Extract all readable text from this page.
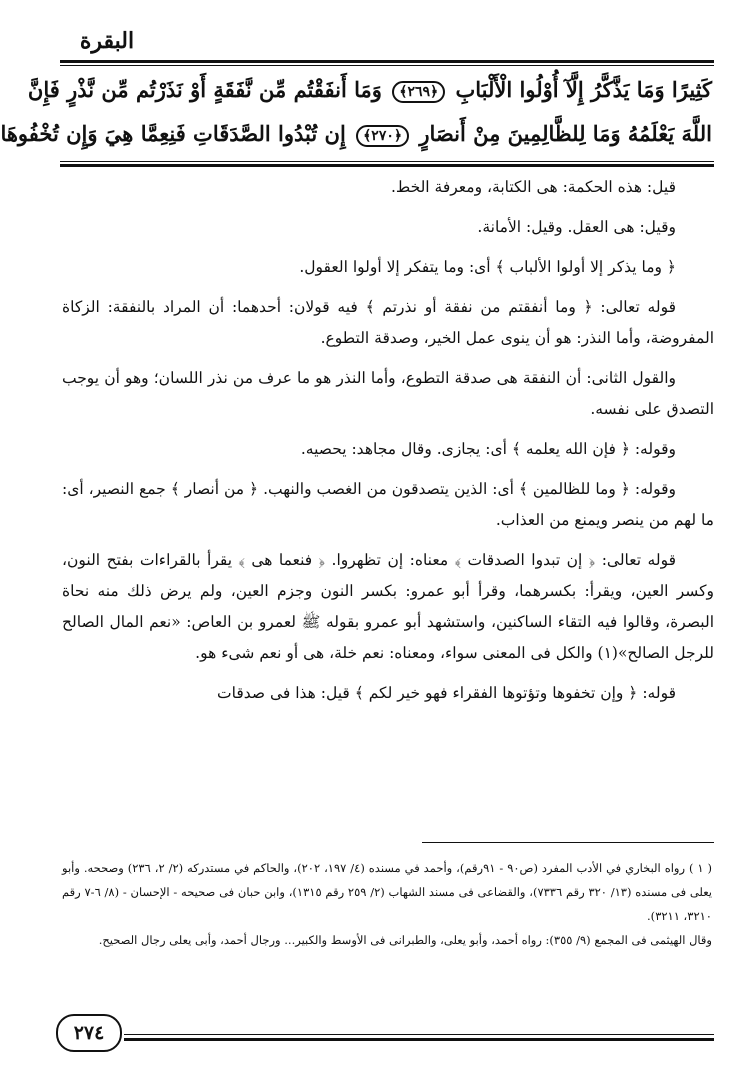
البقرة
كَثِيرًا وَمَا يَذَّكَّرُ إِلَّآ أُوْلُوا الْأَلْبَابِ ﴿٢٦٩﴾ وَمَا أَنفَقْتُم مِّن نَّفَقَةٍ أَوْ نَذَرْتُم مِّن نَّذْرٍ فَإِنَّ
اللَّهَ يَعْلَمُهُ وَمَا لِلظَّالِمِينَ مِنْ أَنصَارٍ ﴿٢٧٠﴾ إِن تُبْدُوا الصَّدَقَاتِ فَنِعِمَّا هِيَ وَإِن تُخْفُوهَا

قيل: هذه الحكمة: هى الكتابة، ومعرفة الخط.

وقيل: هى العقل. وقيل: الأمانة.

﴿ وما يذكر إلا أولوا الألباب ﴾ أى: وما يتفكر إلا أولوا العقول.

قوله تعالى: ﴿ وما أنفقتم من نفقة أو نذرتم ﴾ فيه قولان: أحدهما: أن المراد بالنفقة: الزكاة المفروضة، وأما النذر: هو أن ينوى عمل الخير، وصدقة التطوع.

والقول الثانى: أن النفقة هى صدقة التطوع، وأما النذر هو ما عرف من نذر اللسان؛ وهو أن يوجب التصدق على نفسه.

وقوله: ﴿ فإن الله يعلمه ﴾ أى: يجازى. وقال مجاهد: يحصيه.

وقوله: ﴿ وما للظالمين ﴾ أى: الذين يتصدقون من الغصب والنهب. ﴿ من أنصار ﴾ جمع النصير، أى: ما لهم من ينصر ويمنع من العذاب.

قوله تعالى: ﴿ إن تبدوا الصدقات ﴾ معناه: إن تظهروا. ﴿ فنعما هى ﴾ يقرأ بالقراءات بفتح النون، وكسر العين، ويقرأ: بكسرهما، وقرأ أبو عمرو: بكسر النون وجزم العين، ولم يرض ذلك منه نحاة البصرة، وقالوا فيه التقاء الساكنين، واستشهد أبو عمرو بقوله ﷺ لعمرو بن العاص: «نعم المال الصالح للرجل الصالح»(١) والكل فى المعنى سواء، ومعناه: نعم خلة، هى أو نعم شىء هو.

قوله: ﴿ وإن تخفوها وتؤتوها الفقراء فهو خير لكم ﴾ قيل: هذا فى صدقات

( ١ ) رواه البخاري في الأدب المفرد (ص٩٠ - ٩١رقم)، وأحمد في مسنده (٤/ ١٩٧، ٢٠٢)، والحاكم في مستدركه (٢/ ٢، ٢٣٦) وصححه. وأبو يعلى فى مسنده (١٣/ ٣٢٠ رقم ٧٣٣٦)، والقضاعى فى مسند الشهاب (٢/ ٢٥٩ رقم ١٣١٥)، وابن حبان فى صحيحه - الإحسان - (٨/ ٦-٧ رقم ٣٢١٠، ٣٢١١).

وقال الهيثمى فى المجمع (٩/ ٣٥٥): رواه أحمد، وأبو يعلى، والطبرانى فى الأوسط والكبير... ورجال أحمد، وأبى يعلى رجال الصحيح.

٢٧٤
